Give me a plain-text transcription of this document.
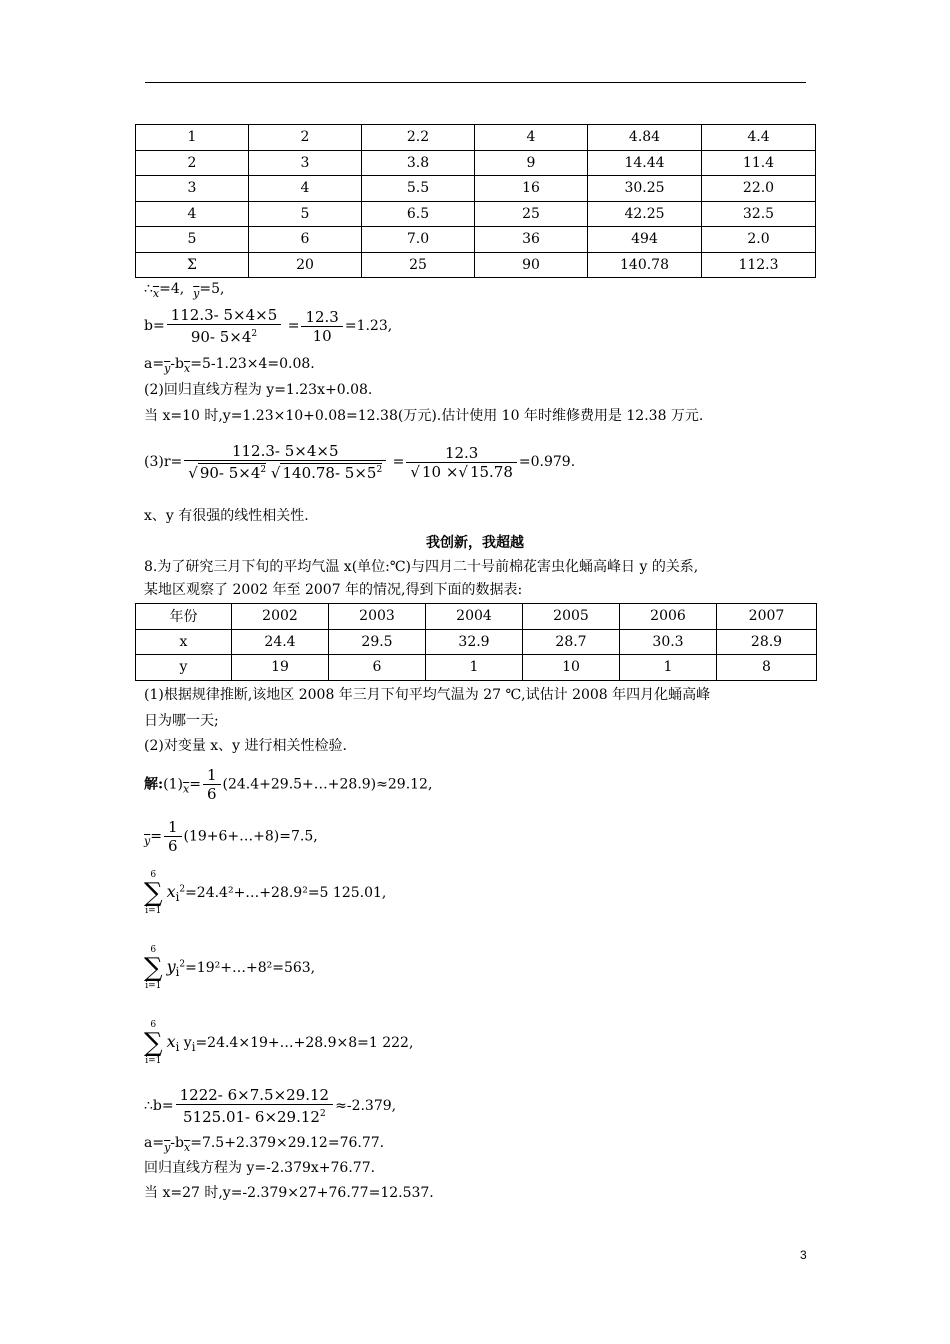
1	2	2.2	4	4.84	4.4
2	3	3.8	9	14.44	11.4
3	4	5.5	16	30.25	22.0
4	5	6.5	25	42.25	32.5
5	6	7.0	36	494	2.0
Σ	20	25	90	140.78	112.3
$\therefore_{\overline{x}}=4$, $_{\overline{y}}$=5,
$b= \frac{112.3- 5\times 4\times 5}{90- 5\times 4^2} = \frac{12.3}{10} =1.23$,
$a=_{\overline{y}}-b_{\overline{x}}=5-1.23\times 4=0.08$.
(2)回归直线方程为 y=1.23x+0.08.
当 x=10 时,y=1.23×10+0.08=12.38(万元).估计使用 10 年时维修费用是 12.38 万元.
$(3)r= \frac{112.3- 5\times 4\times 5}{√ 90- 5\times 4^2 √ 140.78- 5\times 5^2} = \frac{12.3}{√ 10 \times√ 15.78} =0.979$.
x、y 有很强的线性相关性.
我创新，我超越
8.为了研究三月下旬的平均气温 x(单位:℃)与四月二十号前棉花害虫化蛹高峰日 y 的关系,
某地区观察了 2002 年至 2007 年的情况,得到下面的数据表:
年份	2002	2003	2004	2005	2006	2007
x	24.4	29.5	32.9	28.7	30.3	28.9
y	19	6	1	10	1	8
(1)根据规律推断,该地区 2008 年三月下旬平均气温为 27 ℃,试估计 2008 年四月化蛹高峰
日为哪一天;
(2)对变量 x、y 进行相关性检验.
解$:(1)_{\overline{x}}= \frac{1}{6}$ (24.4+29.5+…+28.9)≈29.12,
$_{\overline{y}}= \frac{1}{6}$ (19+6+…+8)=7.5,
6
∑
$i=1x_i^2=24.4^2+\dots+28.9^2=5$ 125.01,
6
∑
$i=1y_i^2=19^2+\dots+8^2=563$,
6
∑
$i=1x_i$ $y_i=24.4\times 19+\dots+28.9\times 8=1$ 222,
∴b= $\frac{1222- 6\times 7.5\times 29.12}{5125.01- 6\times 29.12^2} \approx-2.379$,
$a=_{\overline{y}}-b_{\overline{x}}=7.5+2.379\times 29.12=76.77$.
回归直线方程为 y=-2.379x+76.77.
当 x=27 时,y=-2.379×27+76.77=12.537.
3
